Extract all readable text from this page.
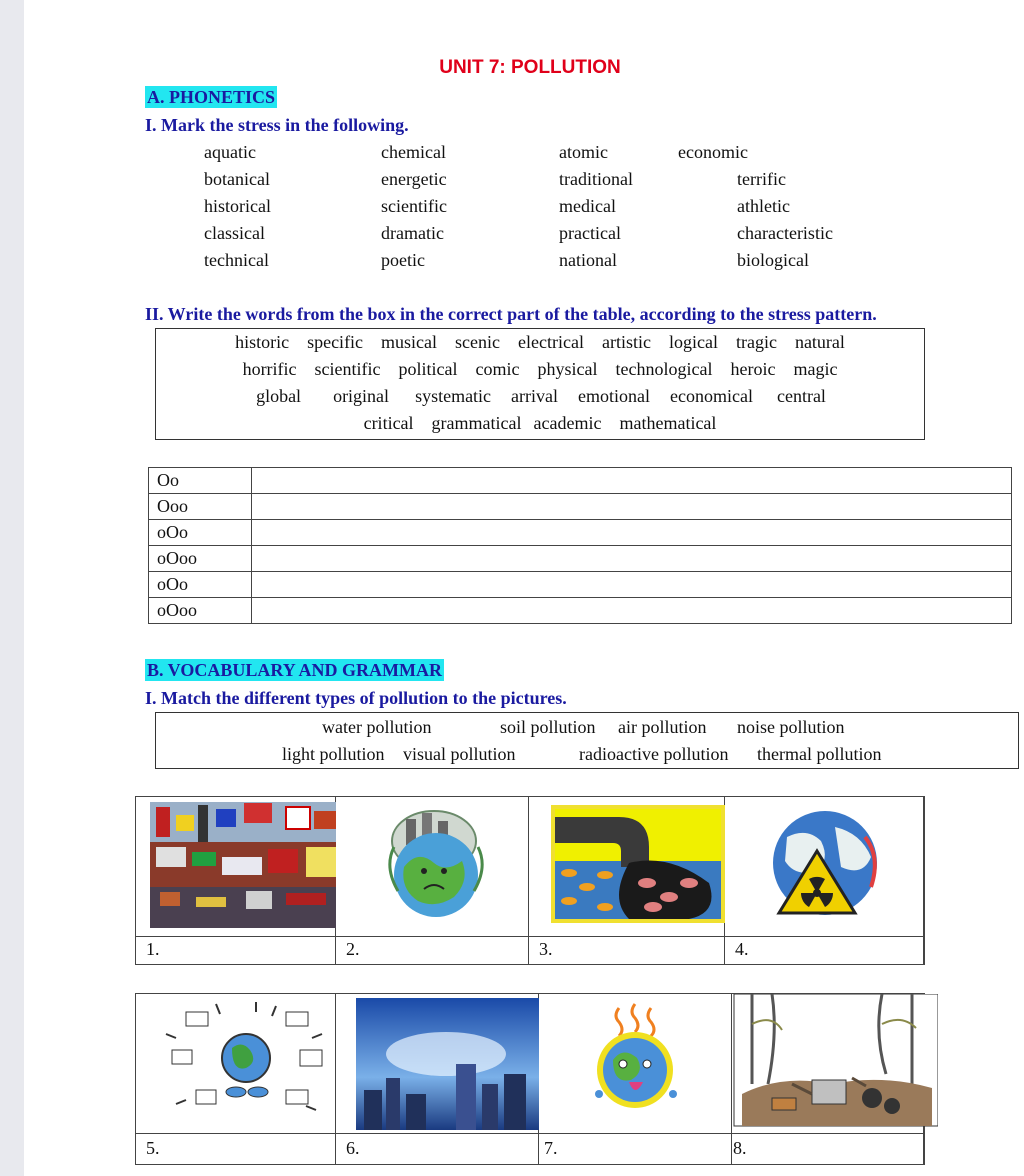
UNIT 7: POLLUTION
A. PHONETICS
I. Mark the stress in the following.
aquatic	chemical	atomic	economic
botanical	energetic	traditional	terrific
historical	scientific	medical	athletic
classical	dramatic	practical	characteristic
technical	poetic	national	biological
II. Write the words from the box in the correct part of the table, according to the stress pattern.
historic specific musical scenic electrical artistic logical tragic natural
horrific scientific political comic physical technological heroic magic
global original systematic arrival emotional economical central
critical grammatical academic mathematical
Oo	
Ooo	
oOo	
oOoo	
oOo	
oOoo	
B. VOCABULARY AND GRAMMAR
I. Match the different types of pollution to the pictures.
water pollution	soil pollution air pollution noise pollution
light pollution visual pollution	radioactive pollution thermal pollution
1.	2.	3.	4.
5.	6.	7.	8.
